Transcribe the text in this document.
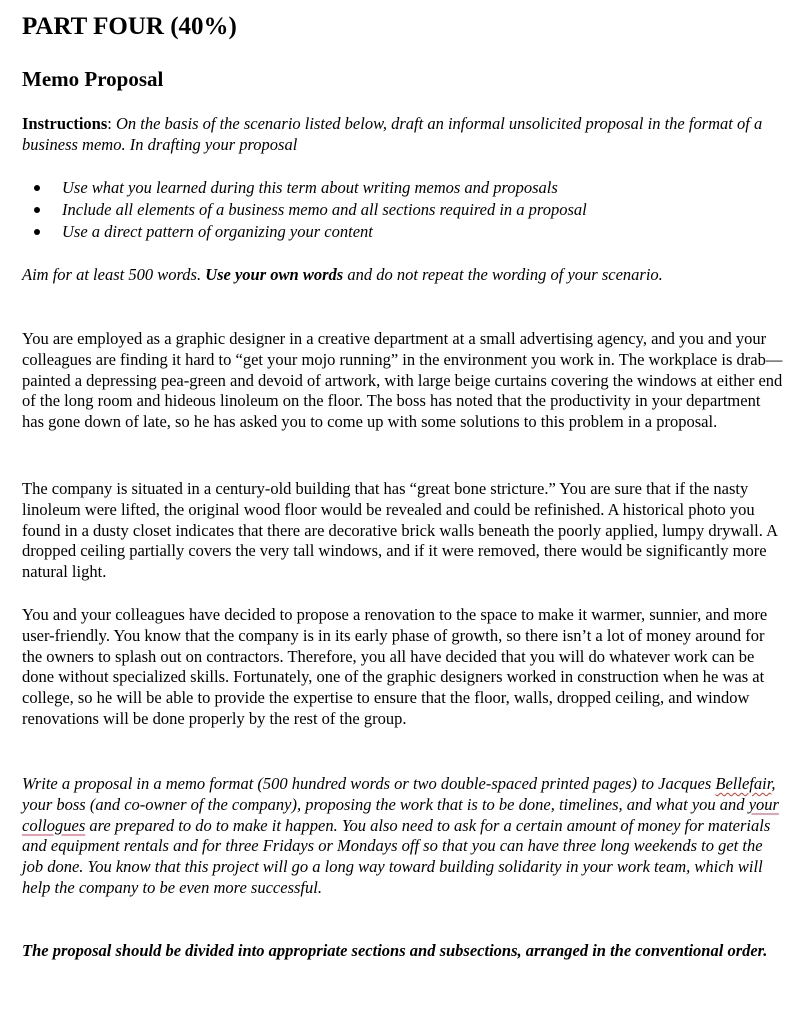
PART FOUR (40%)
Memo Proposal

Instructions: On the basis of the scenario listed below, draft an informal unsolicited proposal in the format of a business memo. In drafting your proposal

Use what you learned during this term about writing memos and proposals
Include all elements of a business memo and all sections required in a proposal
Use a direct pattern of organizing your content

Aim for at least 500 words. Use your own words and do not repeat the wording of your scenario.

You are employed as a graphic designer in a creative department at a small advertising agency, and you and your colleagues are finding it hard to “get your mojo running” in the environment you work in. The workplace is drab—painted a depressing pea-green and devoid of artwork, with large beige curtains covering the windows at either end of the long room and hideous linoleum on the floor. The boss has noted that the productivity in your department has gone down of late, so he has asked you to come up with some solutions to this problem in a proposal.

The company is situated in a century-old building that has “great bone stricture.” You are sure that if the nasty linoleum were lifted, the original wood floor would be revealed and could be refinished. A historical photo you found in a dusty closet indicates that there are decorative brick walls beneath the poorly applied, lumpy drywall. A dropped ceiling partially covers the very tall windows, and if it were removed, there would be significantly more natural light.

You and your colleagues have decided to propose a renovation to the space to make it warmer, sunnier, and more user-friendly. You know that the company is in its early phase of growth, so there isn’t a lot of money around for the owners to splash out on contractors. Therefore, you all have decided that you will do whatever work can be done without specialized skills. Fortunately, one of the graphic designers worked in construction when he was at college, so he will be able to provide the expertise to ensure that the floor, walls, dropped ceiling, and window renovations will be done properly by the rest of the group.

Write a proposal in a memo format (500 hundred words or two double-spaced printed pages) to Jacques Bellefair, your boss (and co-owner of the company), proposing the work that is to be done, timelines, and what you and your collogues are prepared to do to make it happen. You also need to ask for a certain amount of money for materials and equipment rentals and for three Fridays or Mondays off so that you can have three long weekends to get the job done. You know that this project will go a long way toward building solidarity in your work team, which will help the company to be even more successful.

The proposal should be divided into appropriate sections and subsections, arranged in the conventional order.
